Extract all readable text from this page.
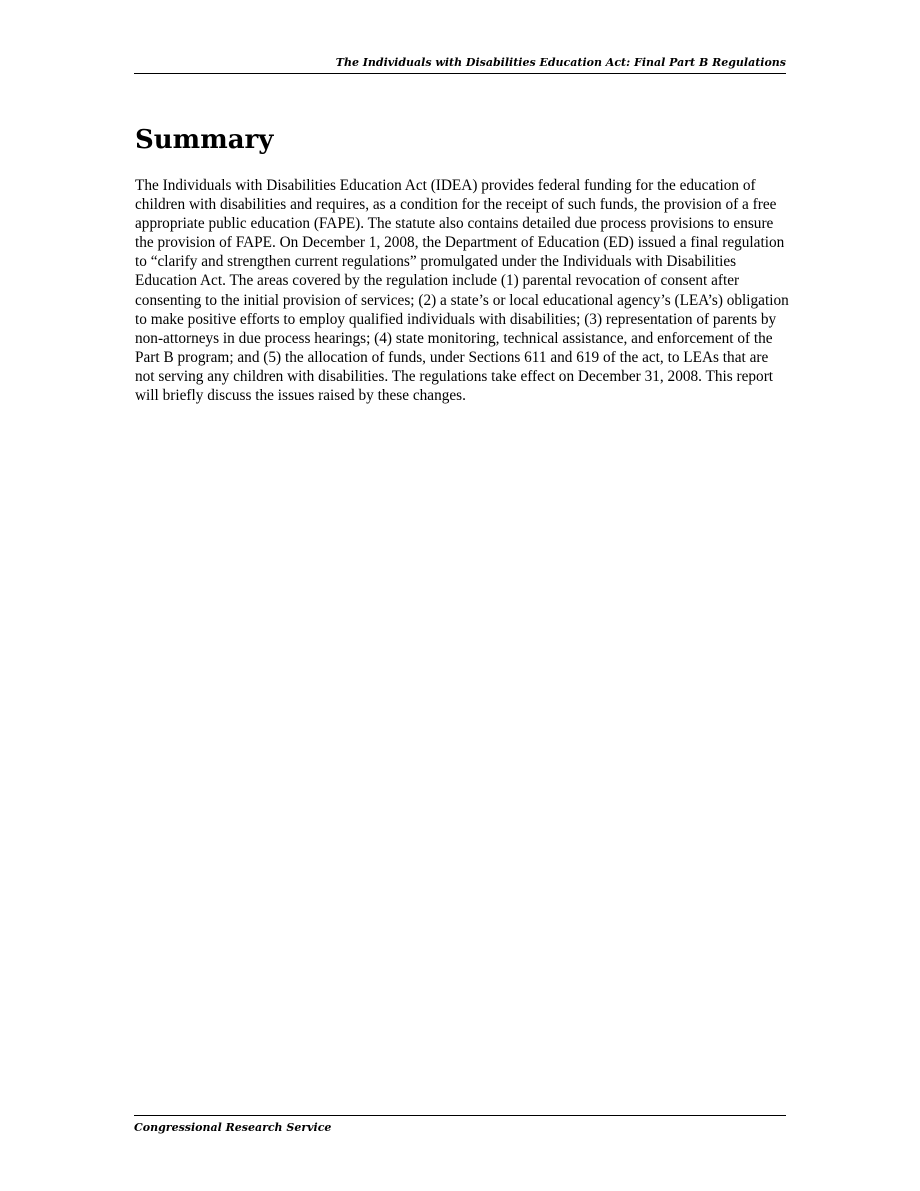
The Individuals with Disabilities Education Act: Final Part B Regulations
Summary

The Individuals with Disabilities Education Act (IDEA) provides federal funding for the education of children with disabilities and requires, as a condition for the receipt of such funds, the provision of a free appropriate public education (FAPE). The statute also contains detailed due process provisions to ensure the provision of FAPE. On December 1, 2008, the Department of Education (ED) issued a final regulation to “clarify and strengthen current regulations” promulgated under the Individuals with Disabilities Education Act. The areas covered by the regulation include (1) parental revocation of consent after consenting to the initial provision of services; (2) a state’s or local educational agency’s (LEA’s) obligation to make positive efforts to employ qualified individuals with disabilities; (3) representation of parents by non-attorneys in due process hearings; (4) state monitoring, technical assistance, and enforcement of the Part B program; and (5) the allocation of funds, under Sections 611 and 619 of the act, to LEAs that are not serving any children with disabilities. The regulations take effect on December 31, 2008. This report will briefly discuss the issues raised by these changes.

Congressional Research Service
